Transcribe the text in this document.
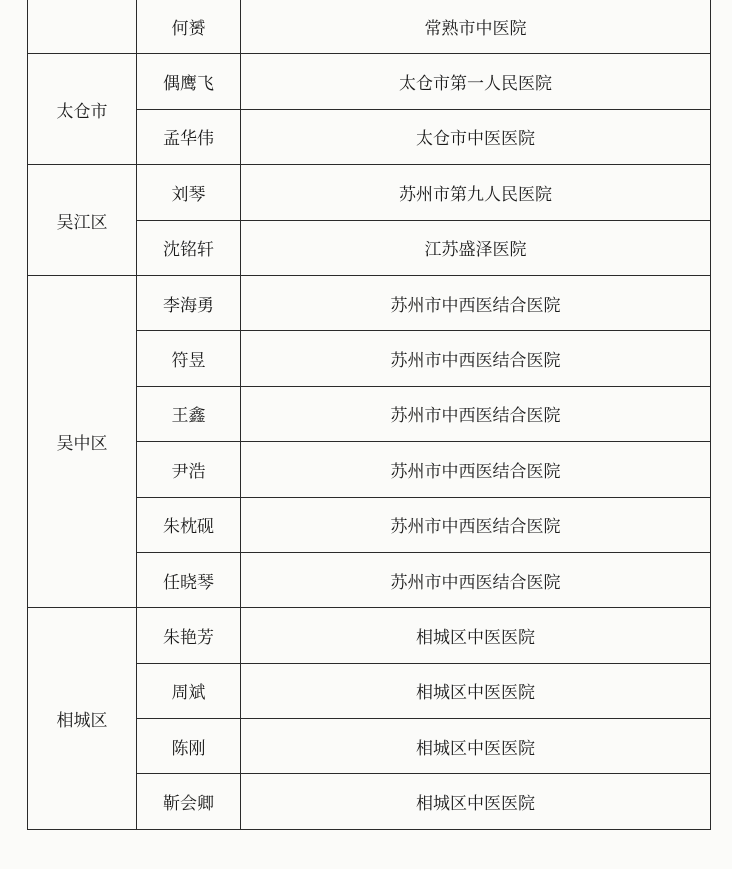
	何赟	常熟市中医院
太仓市	偶鹰飞	太仓市第一人民医院
	孟华伟	太仓市中医医院
吴江区	刘琴	苏州市第九人民医院
	沈铭轩	江苏盛泽医院
吴中区	李海勇	苏州市中西医结合医院
	符昱	苏州市中西医结合医院
	王鑫	苏州市中西医结合医院
	尹浩	苏州市中西医结合医院
	朱枕砚	苏州市中西医结合医院
	任晓琴	苏州市中西医结合医院
相城区	朱艳芳	相城区中医医院
	周斌	相城区中医医院
	陈刚	相城区中医医院
	靳会卿	相城区中医医院
